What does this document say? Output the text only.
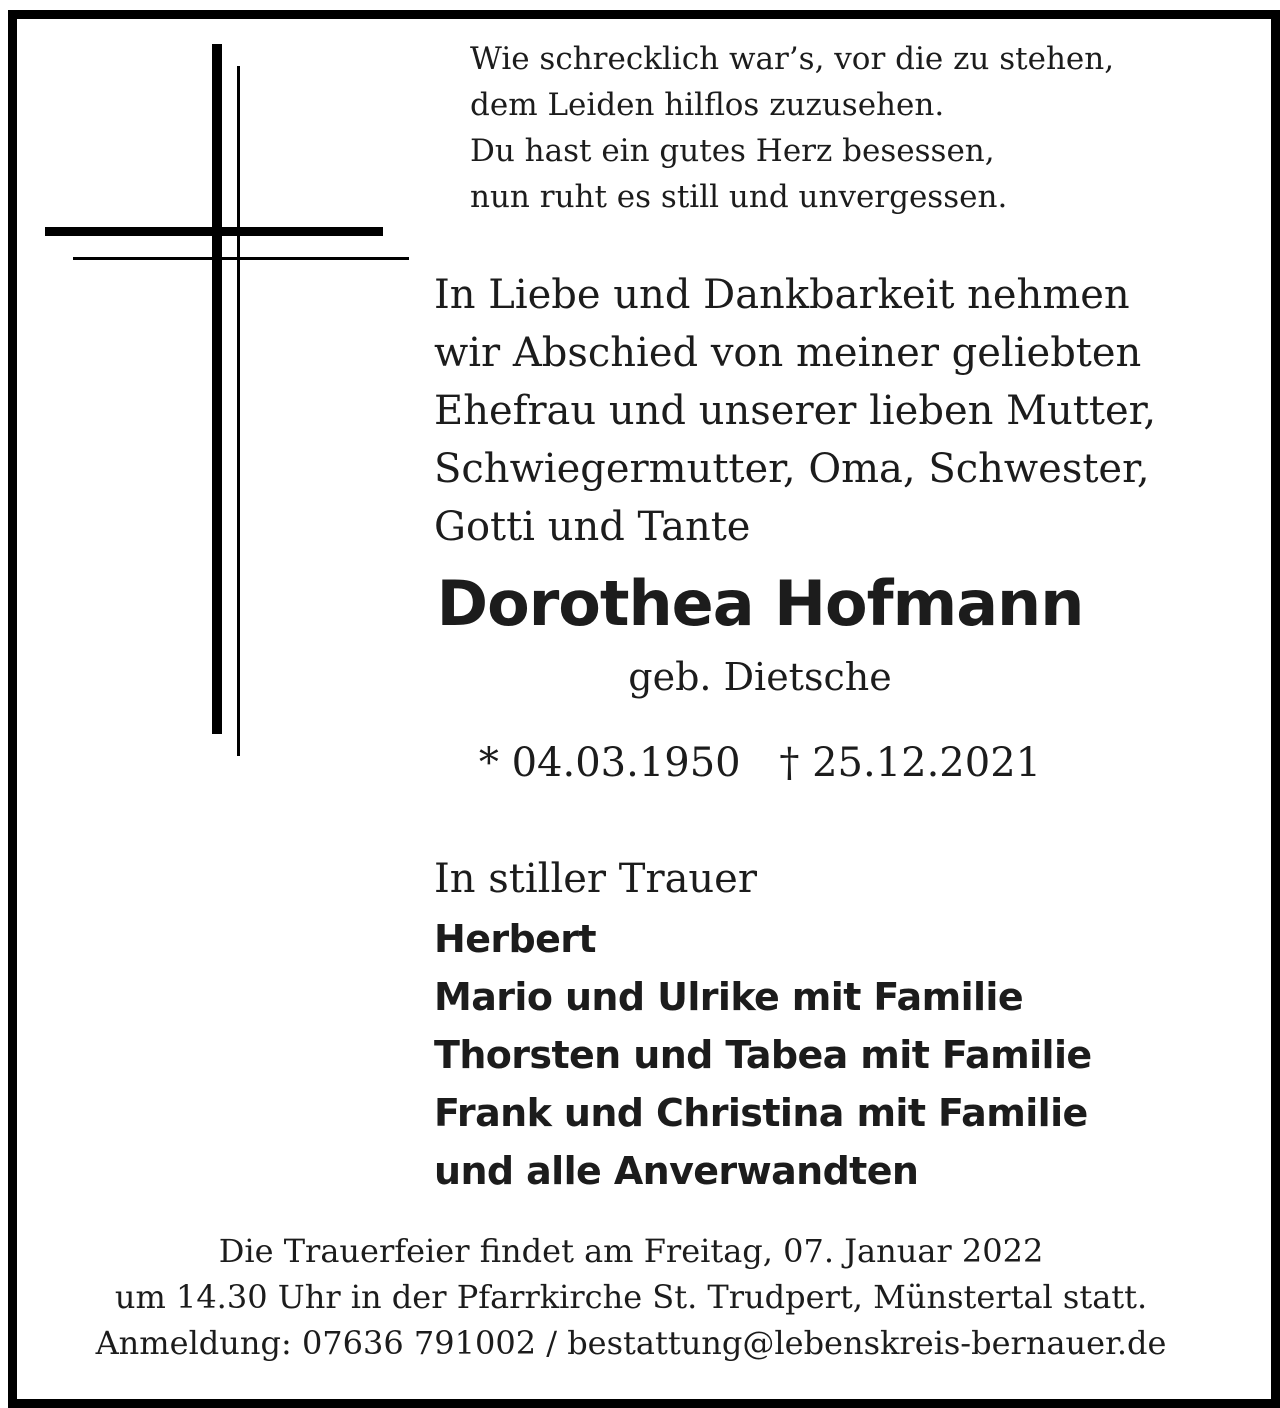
Wie schrecklich war’s, vor die zu stehen,
dem Leiden hilflos zuzusehen.
Du hast ein gutes Herz besessen,
nun ruht es still und unvergessen.
In Liebe und Dankbarkeit nehmen
wir Abschied von meiner geliebten
Ehefrau und unserer lieben Mutter,
Schwiegermutter, Oma, Schwester,
Gotti und Tante
Dorothea Hofmann
geb. Dietsche
* 04.03.1950 † 25.12.2021
In stiller Trauer
Herbert
Mario und Ulrike mit Familie
Thorsten und Tabea mit Familie
Frank und Christina mit Familie
und alle Anverwandten
Die Trauerfeier findet am Freitag, 07. Januar 2022
um 14.30 Uhr in der Pfarrkirche St. Trudpert, Münstertal statt.
Anmeldung: 07636 791002 / bestattung@lebenskreis-bernauer.de
